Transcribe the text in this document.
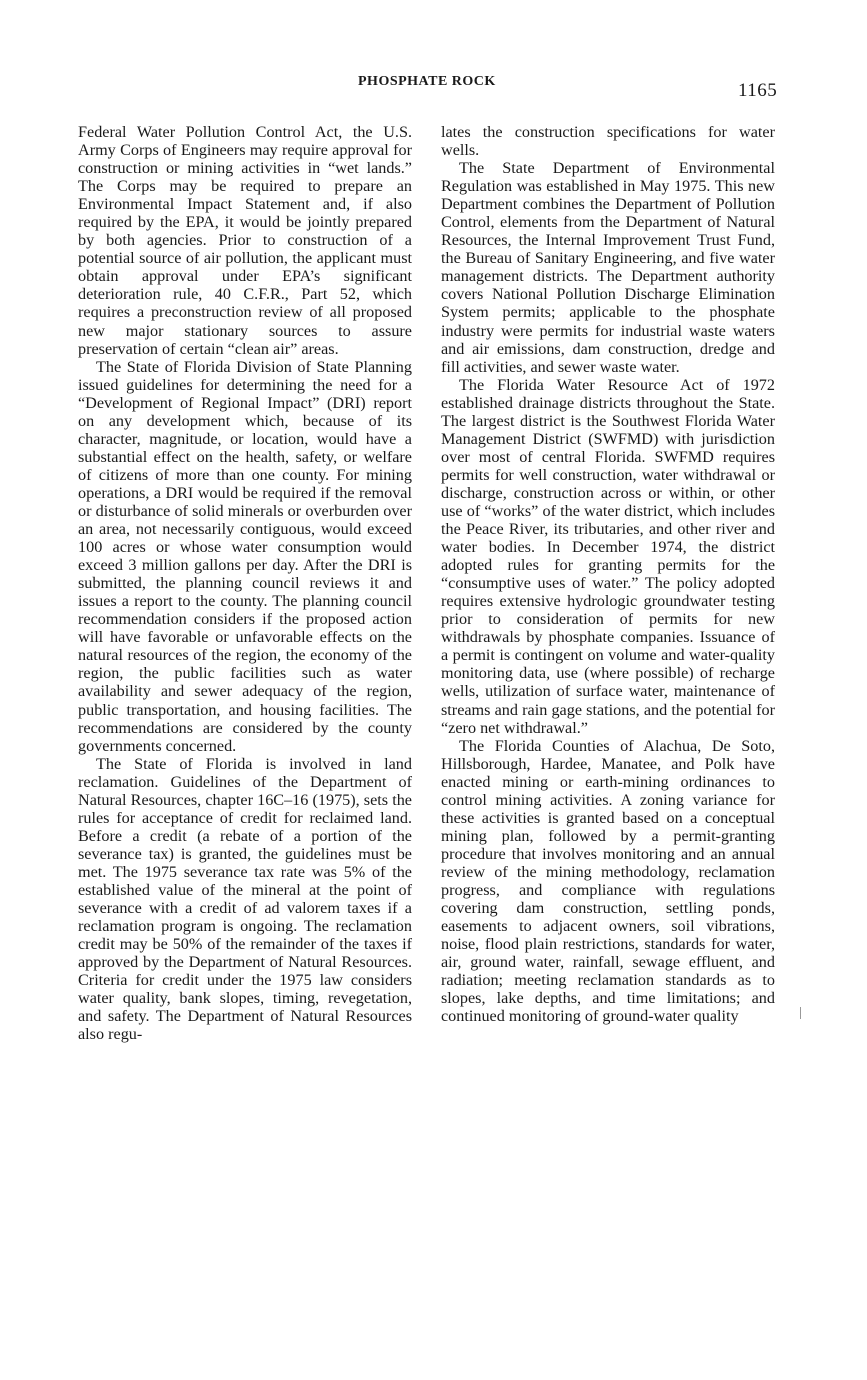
PHOSPHATE ROCK	1165

Federal Water Pollution Control Act, the U.S. Army Corps of Engineers may require approval for construction or mining activities in “wet lands.” The Corps may be required to prepare an Environmental Impact Statement and, if also required by the EPA, it would be jointly prepared by both agencies. Prior to construction of a potential source of air pollution, the applicant must obtain approval under EPA’s significant deterioration rule, 40 C.F.R., Part 52, which requires a preconstruction review of all proposed new major stationary sources to assure preservation of certain “clean air” areas.

The State of Florida Division of State Planning issued guidelines for determining the need for a “Development of Regional Impact” (DRI) report on any development which, because of its character, magnitude, or location, would have a substantial effect on the health, safety, or welfare of citizens of more than one county. For mining operations, a DRI would be required if the removal or disturbance of solid minerals or overburden over an area, not necessarily contiguous, would exceed 100 acres or whose water consumption would exceed 3 million gallons per day. After the DRI is submitted, the planning council reviews it and issues a report to the county. The planning council recommendation considers if the proposed action will have favorable or unfavorable effects on the natural resources of the region, the economy of the region, the public facilities such as water availability and sewer adequacy of the region, public transportation, and housing facilities. The recommendations are considered by the county governments concerned.

The State of Florida is involved in land reclamation. Guidelines of the Department of Natural Resources, chapter 16C–16 (1975), sets the rules for acceptance of credit for reclaimed land. Before a credit (a rebate of a portion of the severance tax) is granted, the guidelines must be met. The 1975 severance tax rate was 5% of the established value of the mineral at the point of severance with a credit of ad valorem taxes if a reclamation program is ongoing. The reclamation credit may be 50% of the remainder of the taxes if approved by the Department of Natural Resources. Criteria for credit under the 1975 law considers water quality, bank slopes, timing, revegetation, and safety. The Department of Natural Resources also regu-

lates the construction specifications for water wells.

The State Department of Environmental Regulation was established in May 1975. This new Department combines the Department of Pollution Control, elements from the Department of Natural Resources, the Internal Improvement Trust Fund, the Bureau of Sanitary Engineering, and five water management districts. The Department authority covers National Pollution Discharge Elimination System permits; applicable to the phosphate industry were permits for industrial waste waters and air emissions, dam construction, dredge and fill activities, and sewer waste water.

The Florida Water Resource Act of 1972 established drainage districts throughout the State. The largest district is the Southwest Florida Water Management District (SWFMD) with jurisdiction over most of central Florida. SWFMD requires permits for well construction, water withdrawal or discharge, construction across or within, or other use of “works” of the water district, which includes the Peace River, its tributaries, and other river and water bodies. In December 1974, the district adopted rules for granting permits for the “consumptive uses of water.” The policy adopted requires extensive hydrologic groundwater testing prior to consideration of permits for new withdrawals by phosphate companies. Issuance of a permit is contingent on volume and water-quality monitoring data, use (where possible) of recharge wells, utilization of surface water, maintenance of streams and rain gage stations, and the potential for “zero net withdrawal.”

The Florida Counties of Alachua, De Soto, Hillsborough, Hardee, Manatee, and Polk have enacted mining or earth-mining ordinances to control mining activities. A zoning variance for these activities is granted based on a conceptual mining plan, followed by a permit-granting procedure that involves monitoring and an annual review of the mining methodology, reclamation progress, and compliance with regulations covering dam construction, settling ponds, easements to adjacent owners, soil vibrations, noise, flood plain restrictions, standards for water, air, ground water, rainfall, sewage effluent, and radiation; meeting reclamation standards as to slopes, lake depths, and time limitations; and continued monitoring of ground-water quality
